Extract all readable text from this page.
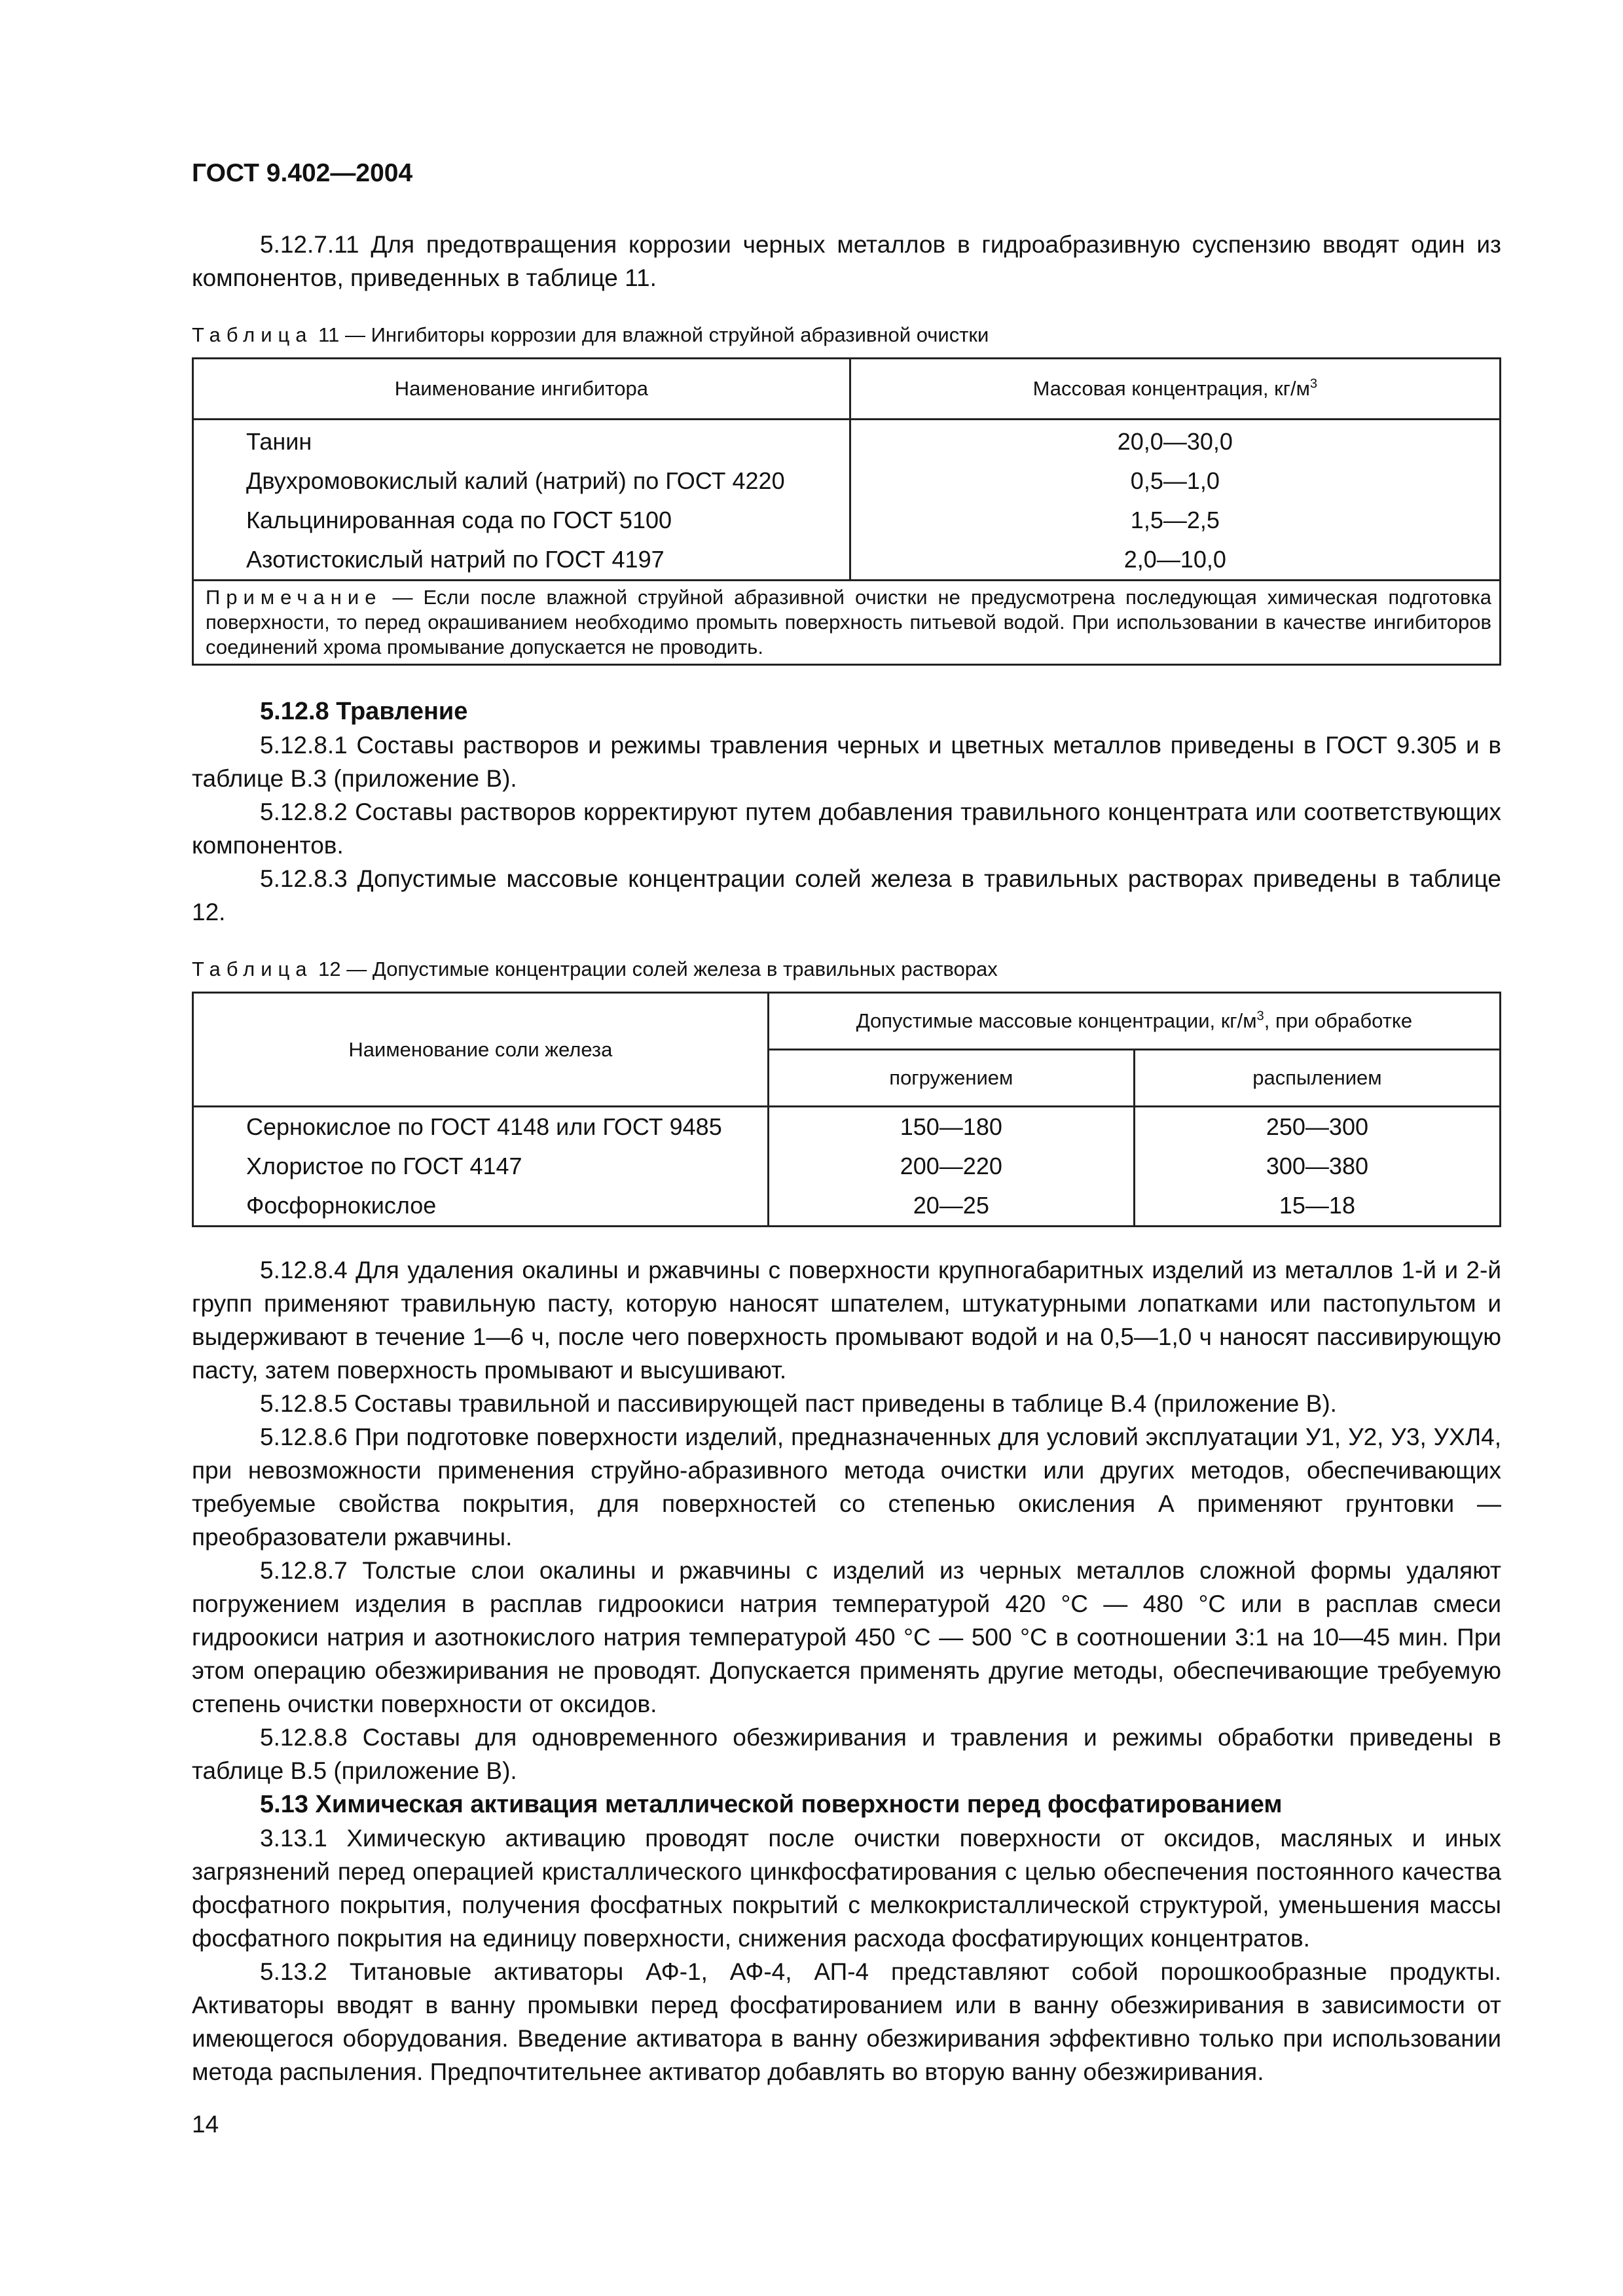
ГОСТ 9.402—2004

5.12.7.11 Для предотвращения коррозии черных металлов в гидроабразивную суспензию вводят один из компонентов, приведенных в таблице 11.

Таблица 11 — Ингибиторы коррозии для влажной струйной абразивной очистки
Наименование ингибитора	Массовая концентрация, $кг/м^3$
Танин	20,0—30,0
Двухромовокислый калий (натрий) по ГОСТ 4220	0,5—1,0
Кальцинированная сода по ГОСТ 5100	1,5—2,5
Азотистокислый натрий по ГОСТ 4197	2,0—10,0
Примечание — Если после влажной струйной абразивной очистки не предусмотрена последующая химическая подготовка поверхности, то перед окрашиванием необходимо промыть поверхность питьевой водой. При использовании в качестве ингибиторов соединений хрома промывание допускается не проводить.	
5.12.8 Травление

5.12.8.1 Составы растворов и режимы травления черных и цветных металлов приведены в ГОСТ 9.305 и в таблице В.3 (приложение В).

5.12.8.2 Составы растворов корректируют путем добавления травильного концентрата или соответствующих компонентов.

5.12.8.3 Допустимые массовые концентрации солей железа в травильных растворах приведены в таблице 12.

Таблица 12 — Допустимые концентрации солей железа в травильных растворах
Наименование соли железа	Допустимые массовые концентрации, $кг/м^3$, при обработке	
	погружением	распылением
Сернокислое по ГОСТ 4148 или ГОСТ 9485	150—180	250—300
Хлористое по ГОСТ 4147	200—220	300—380
Фосфорнокислое	20—25	15—18

5.12.8.4 Для удаления окалины и ржавчины с поверхности крупногабаритных изделий из металлов 1-й и 2-й групп применяют травильную пасту, которую наносят шпателем, штукатурными лопатками или пастопультом и выдерживают в течение 1—6 ч, после чего поверхность промывают водой и на 0,5—1,0 ч наносят пассивирующую пасту, затем поверхность промывают и высушивают.

5.12.8.5 Составы травильной и пассивирующей паст приведены в таблице В.4 (приложение В).

5.12.8.6 При подготовке поверхности изделий, предназначенных для условий эксплуатации У1, У2, У3, УХЛ4, при невозможности применения струйно-абразивного метода очистки или других методов, обеспечивающих требуемые свойства покрытия, для поверхностей со степенью окисления А применяют грунтовки — преобразователи ржавчины.

5.12.8.7 Толстые слои окалины и ржавчины с изделий из черных металлов сложной формы удаляют погружением изделия в расплав гидроокиси натрия температурой 420 °С — 480 °С или в расплав смеси гидроокиси натрия и азотнокислого натрия температурой 450 °С — 500 °С в соотношении 3:1 на 10—45 мин. При этом операцию обезжиривания не проводят. Допускается применять другие методы, обеспечивающие требуемую степень очистки поверхности от оксидов.

5.12.8.8 Составы для одновременного обезжиривания и травления и режимы обработки приведены в таблице В.5 (приложение В).

5.13 Химическая активация металлической поверхности перед фосфатированием

3.13.1 Химическую активацию проводят после очистки поверхности от оксидов, масляных и иных загрязнений перед операцией кристаллического цинкфосфатирования с целью обеспечения постоянного качества фосфатного покрытия, получения фосфатных покрытий с мелкокристаллической структурой, уменьшения массы фосфатного покрытия на единицу поверхности, снижения расхода фосфатирующих концентратов.

5.13.2 Титановые активаторы АФ-1, АФ-4, АП-4 представляют собой порошкообразные продукты. Активаторы вводят в ванну промывки перед фосфатированием или в ванну обезжиривания в зависимости от имеющегося оборудования. Введение активатора в ванну обезжиривания эффективно только при использовании метода распыления. Предпочтительнее активатор добавлять во вторую ванну обезжиривания.

14
